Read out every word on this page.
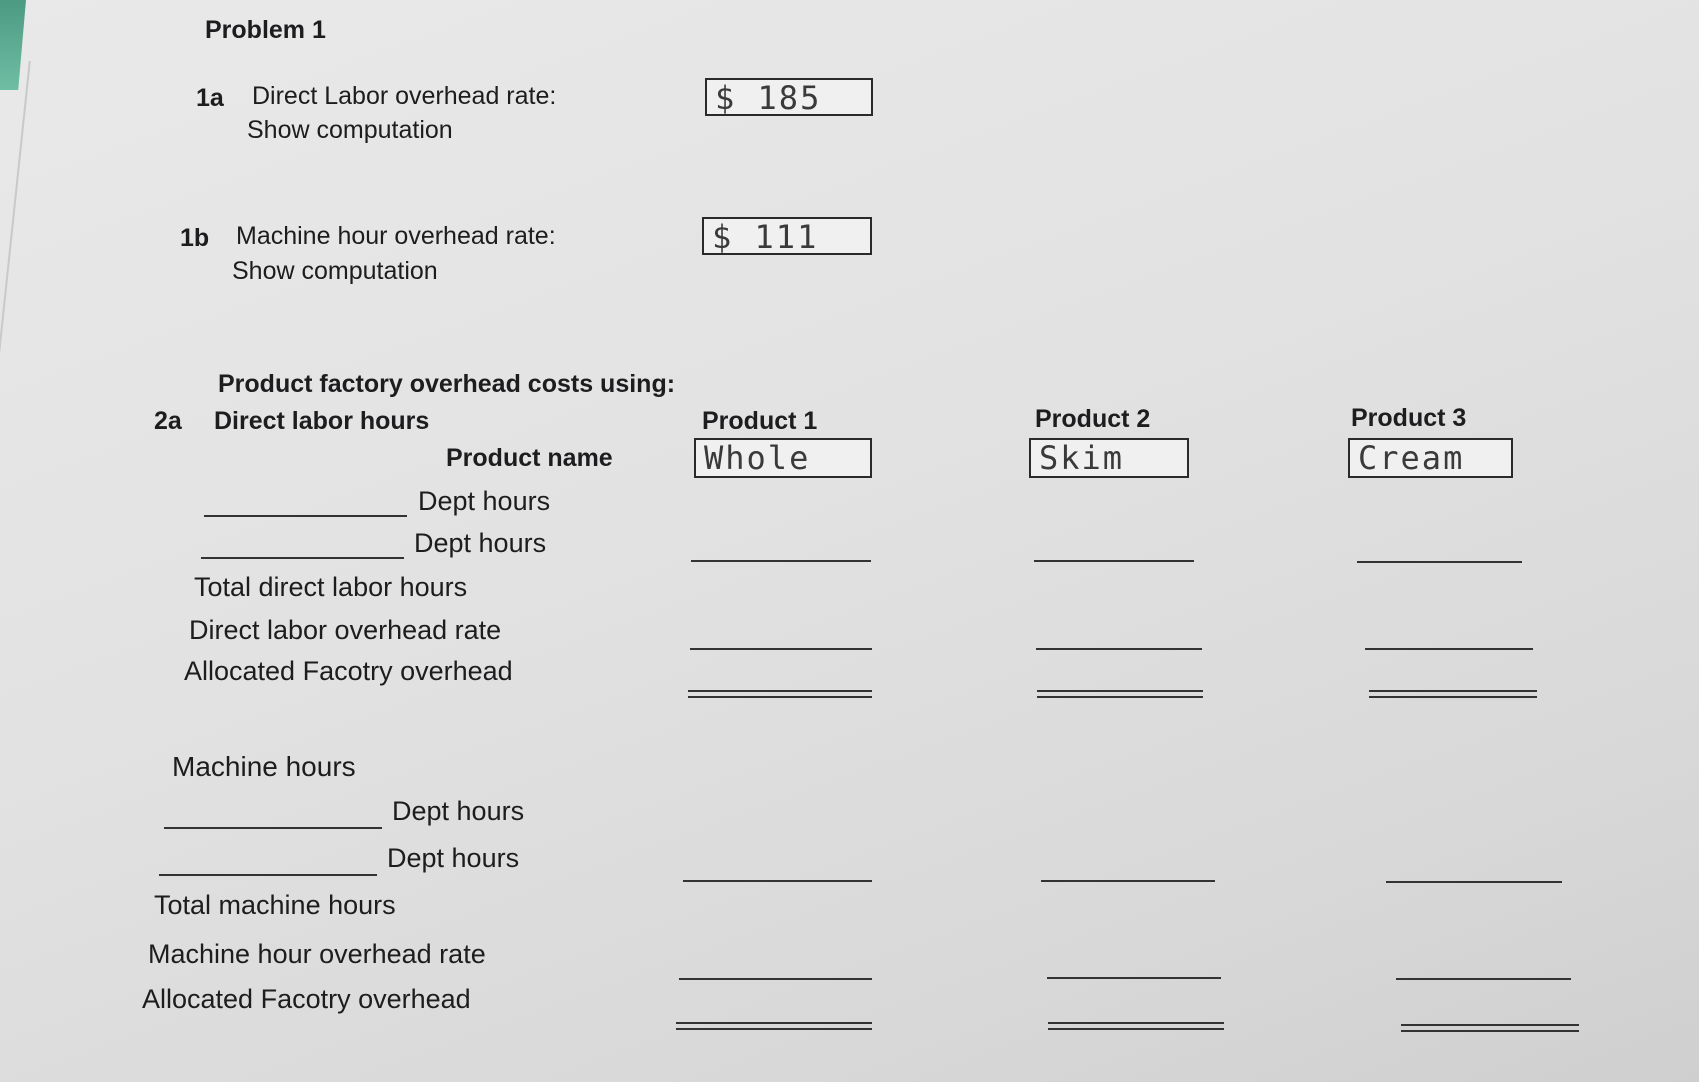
Problem 1
1a Direct Labor overhead rate:
Show computation
$ 185
1b Machine hour overhead rate:
Show computation
$ 111
Product factory overhead costs using:
2a Direct labor hours	Product 1	Product 2	Product 3
Product name	Whole	Skim	Cream
Dept hours
Dept hours
Total direct labor hours
Direct labor overhead rate
Allocated Facotry overhead
Machine hours
Dept hours
Dept hours
Total machine hours
Machine hour overhead rate
Allocated Facotry overhead
